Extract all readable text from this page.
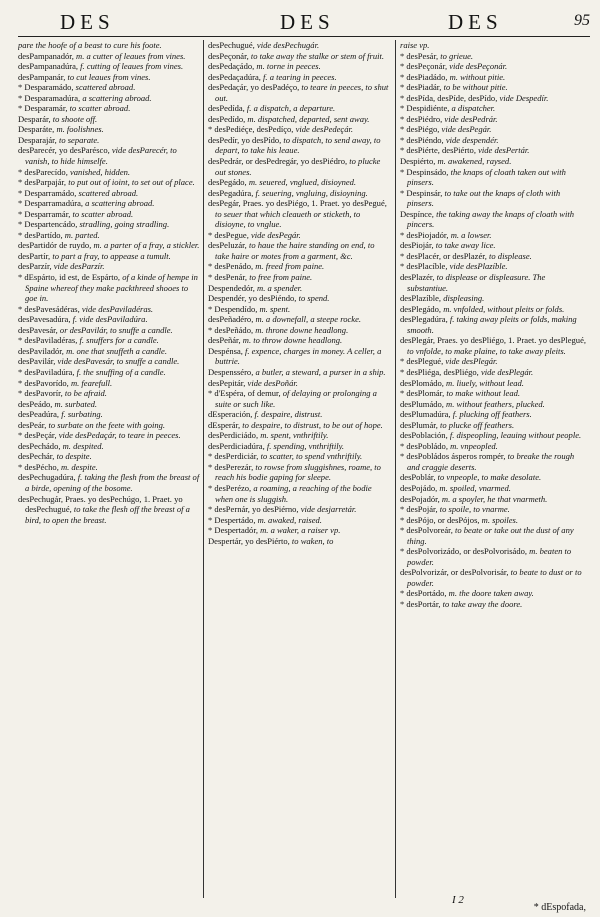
DES	DES	DES	95

pare the hoofe of a beast to cure his foote.

desPampanadór, m. a cutter of leaues from vines.

desPampanadúra, f. cutting of leaues from vines.

desPampanár, to cut leaues from vines.

* Desparamádo, scattered abroad.

* Desparamadúra, a scattering abroad.

* Desparamár, to scatter abroad.

Desparár, to shoote off.

Desparáte, m. foolishnes.

Desparajár, to separate.

desParecér, yo desParésco, vide desParecér, to vanish, to hide himselfe.

* desParecído, vanished, hidden.

* desParpajár, to put out of ioint, to set out of place.

* Desparramádo, scattered abroad.

* Desparramadúra, a scattering abroad.

* Desparramár, to scatter abroad.

* Despartencádo, stradling, going stradling.

* desPartído, m. parted.

desPartidór de ruydo, m. a parter of a fray, a stickler.

desPartír, to part a fray, to appease a tumult.

desParzír, vide desParzír.

* dEspárto, id est, de Espárto, of a kinde of hempe in Spaine whereof they make packthreed shooes to goe in.

* desPavesádéras, vide desPaviladéras.

desPavesadúra, f. vide desPaviladúra.

desPavesár, or desPavilár, to snuffe a candle.

* desPaviladéras, f. snuffers for a candle.

desPaviladór, m. one that snuffeth a candle.

desPavilár, vide desPavesár, to snuffe a candle.

* desPaviladúra, f. the snuffing of a candle.

* desPavorído, m. fearefull.

* desPavorír, to be afraid.

desPeádo, m. surbated.

desPeadúra, f. surbating.

desPeár, to surbate on the feete with going.

* desPeçár, vide desPedaçár, to teare in peeces.

desPechádo, m. despited.

desPechár, to despite.

* desPécho, m. despite.

desPechugadúra, f. taking the flesh from the breast of a birde, opening of the bosome.

desPechugár, Praes. yo desPechúgo, 1. Praet. yo desPechugué, to take the flesh off the breast of a bird, to open the breast.

desPechugué, vide desPechugár.

desPeçonár, to take away the stalke or stem of fruit.

desPedaçádo, m. torne in peeces.

desPedaçadúra, f. a tearing in peeces.

desPedaçár, yo desPadéço, to teare in peeces, to shut out.

desPedída, f. a dispatch, a departure.

desPedído, m. dispatched, departed, sent away.

* desPediéçe, desPedíço, vide desPedeçár.

desPedír, yo desPído, to dispatch, to send away, to depart, to take his leaue.

desPedrár, or desPedregár, yo desPiédro, to plucke out stones.

desPegádo, m. seuered, vnglued, disioyned.

desPegadúra, f. seuering, vngluing, disioyning.

desPegár, Praes. yo desPiégo, 1. Praet. yo desPegué, to seuer that which cleaueth or sticketh, to disioyne, to vnglue.

* desPegue, vide desPegár.

desPeluzár, to haue the haire standing on end, to take haire or motes from a garment, &c.

* desPenádo, m. freed from paine.

* desPenár, to free from paine.

Despendedór, m. a spender.

Despendér, yo desPiéndo, to spend.

* Despendído, m. spent.

desPeñadéro, m. a downefall, a steepe rocke.

* desPeñádo, m. throne downe headlong.

desPeñár, m. to throw downe headlong.

Despénsa, f. expence, charges in money. A celler, a buttrie.

Despensséro, a butler, a steward, a purser in a ship.

desPepitár, vide desPoñár.

* d'Espéra, of demur, of delaying or prolonging a suite or such like.

dEsperación, f. despaire, distrust.

dEsperár, to despaire, to distrust, to be out of hope.

desPerdiciádo, m. spent, vnthriftily.

desPerdiciadúra, f. spending, vnthriftily.

* desPerdiciár, to scatter, to spend vnthriftily.

* desPerezár, to rowse from sluggishnes, roame, to reach his bodie gaping for sleepe.

* desPerézo, a roaming, a reaching of the bodie when one is sluggish.

* desPernár, yo desPiérno, vide desjarretár.

* Despertádo, m. awaked, raised.

* Despertadór, m. a waker, a raiser vp.

Despertár, yo desPiérto, to waken, to

raise vp.

* desPesár, to grieue.

* desPeçonár, vide desPeçonár.

* desPiadádo, m. without pitie.

* desPiadár, to be without pitie.

* desPída, desPíde, desPído, vide Despedír.

* Despidiénte, a dispatcher.

* desPiédro, vide desPedrár.

* desPiégo, vide desPegár.

* desPiéndo, vide despendér.

* desPiérte, desPiérto, vide desPertár.

Despiérto, m. awakened, raysed.

* Despinsádo, the knaps of cloath taken out with pinsers.

* Despinsár, to take out the knaps of cloth with pinsers.

Despínce, the taking away the knaps of cloath with pincers.

* desPiojadór, m. a lowser.

desPiojár, to take away lice.

* desPlacér, or desPlazér, to displease.

* desPlacíble, vide desPlazíble.

desPlazér, to displease or displeasure. The substantiue.

desPlazíble, displeasing.

desPlegádo, m. vnfolded, without pleits or folds.

desPlegadúra, f. taking away pleits or folds, making smooth.

desPlegár, Praes. yo desPliégo, 1. Praet. yo desPlegué, to vnfolde, to make plaine, to take away pleits.

* desPlegué, vide desPlegár.

* desPliéga, desPliégo, vide desPlegár.

desPlomádo, m. liuely, without lead.

* desPlomár, to make without lead.

desPlumádo, m. without feathers, plucked.

desPlumadúra, f. plucking off feathers.

desPlumár, to plucke off feathers.

desPoblación, f. dispeopling, leauing without people.

* desPobládo, m. vnpeopled.

* desPobládos ásperos rompér, to breake the rough and craggie deserts.

desPoblár, to vnpeople, to make desolate.

desPojádo, m. spoiled, vnarmed.

desPojadór, m. a spoyler, he that vnarmeth.

* desPojár, to spoile, to vnarme.

* desPójo, or desPójos, m. spoiles.

* desPolvoreár, to beate or take out the dust of any thing.

* desPolvorizádo, or desPolvorisádo, m. beaten to powder.

desPolvorizár, or desPolvorisár, to beate to dust or to powder.

* desPortádo, m. the doore taken away.

* desPortár, to take away the doore.

I 2
* dEspofada,
